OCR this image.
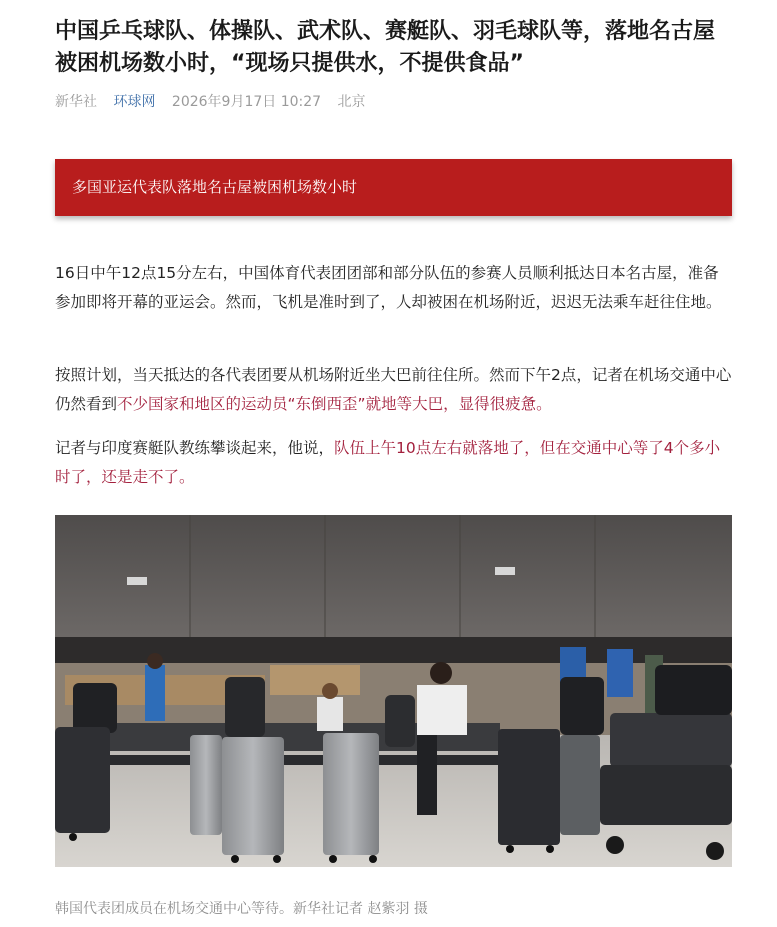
中国乒乓球队、体操队、武术队、赛艇队、羽毛球队等，落地名古屋被困机场数小时，“现场只提供水，不提供食品”
新华社 环球网 2026年9月17日 10:27 北京
多国亚运代表队落地名古屋被困机场数小时

16日中午12点15分左右，中国体育代表团团部和部分队伍的参赛人员顺利抵达日本名古屋，准备参加即将开幕的亚运会。然而，飞机是准时到了，人却被困在机场附近，迟迟无法乘车赶往住地。

按照计划，当天抵达的各代表团要从机场附近坐大巴前往住所。然而下午2点，记者在机场交通中心仍然看到不少国家和地区的运动员“东倒西歪”就地等大巴，显得很疲惫。

记者与印度赛艇队教练攀谈起来，他说，队伍上午10点左右就落地了，但在交通中心等了4个多小时了，还是走不了。

韩国代表团成员在机场交通中心等待。新华社记者 赵紫羽 摄
